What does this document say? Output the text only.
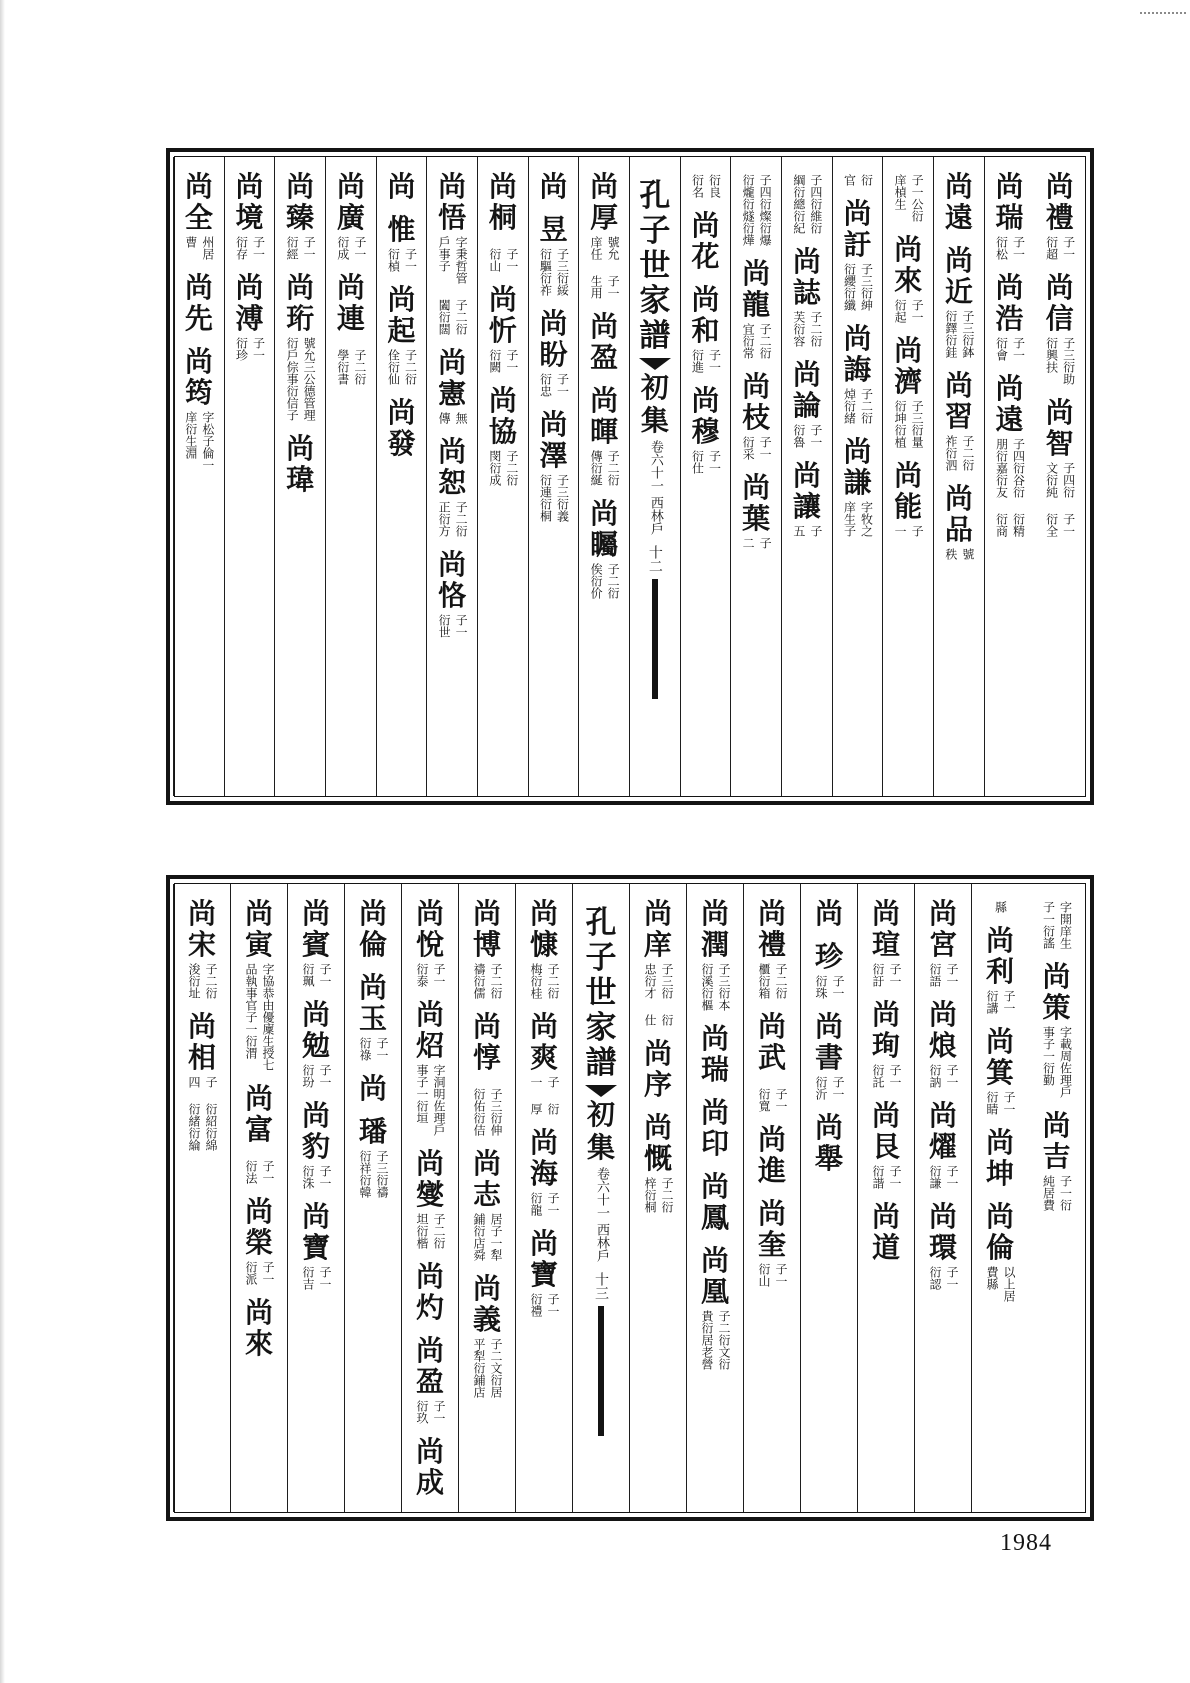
尚
禮
子一
衍超
尚
信
子三衍助
衍興扶
尚
智
子四衍
文衍純
子一
衍全
尚
瑞
子一
衍松
尚
浩
子一
衍會
尚
遠
子四衍谷衍
朋衍嘉衍友
衍精
衍商
尚
遠
尚
近
子三衍鉢
衍鐸衍銈
尚
習
子二衍
祚衍泗
尚
品
號
秩
子一公衍
庠楨生
尚
來
子一
衍起
尚
濟
子三衍量
衍坤衍植
尚
能
子
一
衍
官
尚
訏
子三衍紳
衍纓衍纖
尚
誨
子二衍
焯衍緒
尚
謙
字牧之
庠生子
子四衍維衍
綱衍總衍紀
尚
誌
子二衍
芙衍容
尚
論
子一
衍魯
尚
讓
子
五
子四衍燦衍爆
衍爖衍燧衍燁
尚
龍
子二衍
宜衍常
尚
枝
子一
衍采
尚
葉
子
二
衍良
衍名
尚
花
尚
和
子一
衍進
尚
穆
子一
衍仕
孔
子
世
家
譜
初
集
卷六十一
西林戶
十二
尚
厚
號允
庠任
子一
生用
尚
盈
尚
暉
子二衍
傳衍綖
尚
矚
子二衍
俟衍价
尚
昱
子三衍綏
衍驅衍祚
尚
盼
子一
衍忠
尚
澤
子三衍義
衍連衍桐
尚
桐
子一
衍山
尚
忻
子一
衍闕
尚
協
子二衍
閔衍成
尚
悟
字秉哲管
戶事子
子二衍
闔衍闊
尚
憲
無
傳
尚
恕
子二衍
正衍方
尚
恪
子一
衍世
尚
惟
子一
衍楨
尚
起
子二衍
佺衍仙
尚
發
尚
廣
子一
衍成
尚
連
子二衍
學衍書
尚
臻
子一
衍經
尚
珩
號允三公德管理
衍戶倧事衍信子
尚
瑋
尚
境
子一
衍存
尚
溥
子一
衍珍
尚
全
州居
曹
尚
先
尚
筠
字松子倫一
庠衍生淵
字開庠生
子一衍謠
尚
策
字載周佐理戶
事子一衍勤
尚
吉
子一衍
純居費
縣
尚
利
子一
衍講
尚
箕
子一
衍睛
尚
坤
尚
倫
以上居
費縣
尚
宮
子一
衍語
尚
烺
子一
衍訥
尚
燿
子一
衍謙
尚
環
子一
衍認
尚
瑄
子一
衍訏
尚
珣
子一
衍託
尚
艮
子一
衍諧
尚
道
尚
珍
子一
衍珠
尚
書
子一
衍沂
尚
舉
尚
禮
子二衍
櫃衍箱
尚
武
子一
衍寬
尚
進
尚
奎
子一
衍山
尚
潤
子三衍本
衍溪衍樞
尚
瑞
尚
印
尚
鳳
尚
凰
子二衍文衍
貴衍居老營
尚
庠
子三衍
忠衍才
衍
仕
尚
序
尚
慨
子二衍
梓衍桐
孔
子
世
家
譜
初
集
卷六十一
西林戶
十三
尚
慷
子二衍
梅衍桂
尚
爽
子
一
衍
厚
尚
海
子一
衍龍
尚
寶
子一
衍禮
尚
博
子二衍
禱衍儒
尚
惇
子三衍伸
衍佑衍佶
尚
志
居子一犁
鋪衍店舜
尚
義
子二文衍居
平犁衍鋪店
尚
悅
子一
衍泰
尚
炤
字洞明佐理戶
事子一衍垣
尚
燮
子二衍
坦衍楷
尚
灼
尚
盈
子一
衍玖
尚
成
尚
倫
尚
玉
子一
衍祿
尚
璠
子三衍禱
衍祥衍韓
尚
賓
子一
衍珮
尚
勉
子一
衍玢
尚
豹
子一
衍洙
尚
寶
子一
衍吉
尚
寅
字協恭由優廩生授七
品執事官子一衍渭
尚
富
子一
衍法
尚
榮
子一
衍派
尚
來
尚
宋
子二衍
浚衍址
尚
相
子
四
衍紹衍綿
衍緒衍綸
1984
